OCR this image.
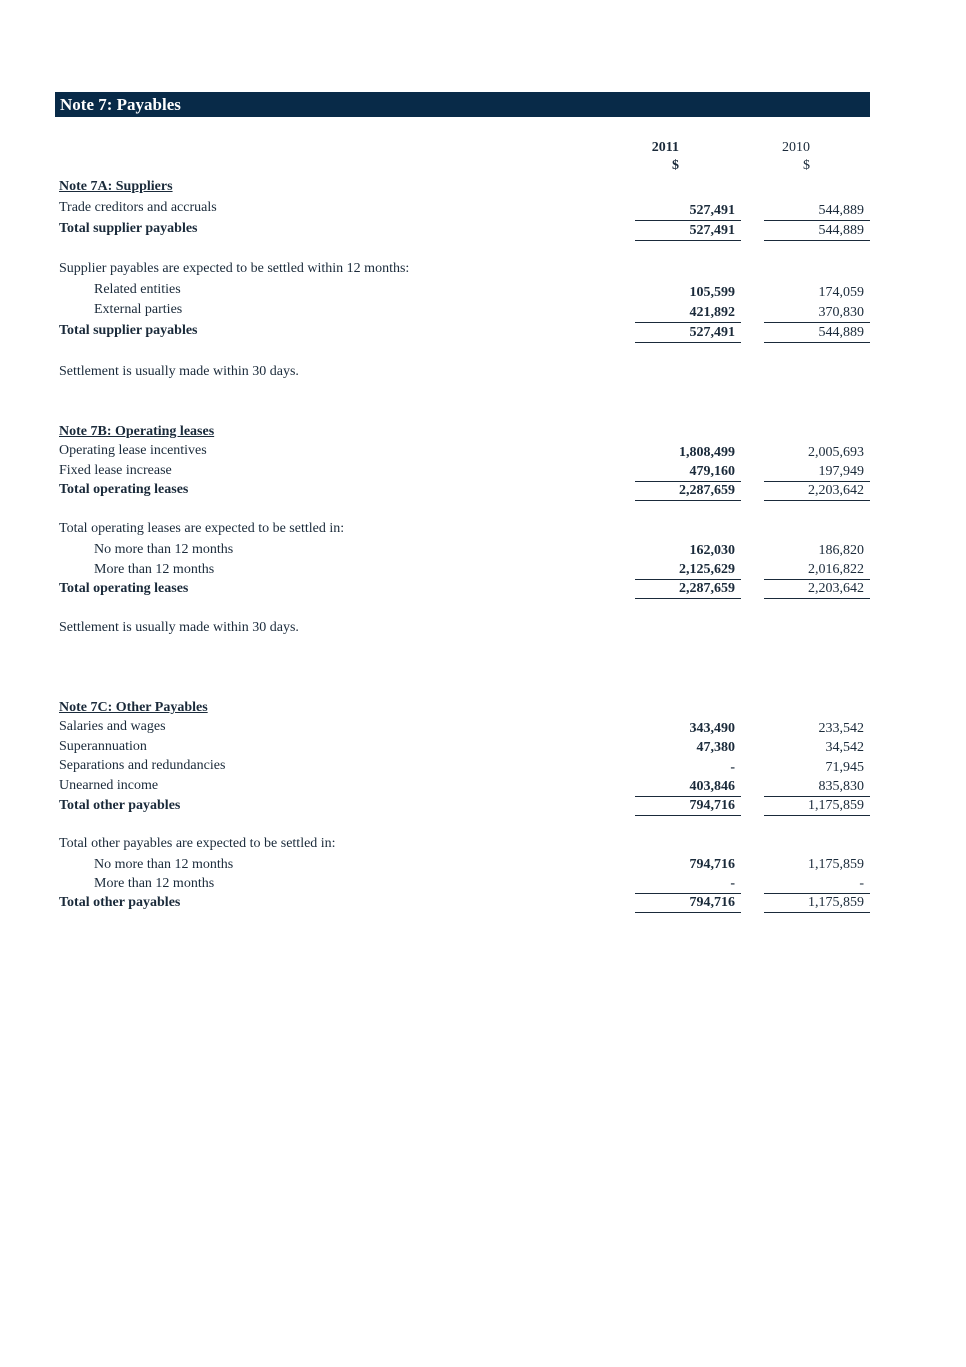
Note 7: Payables
2011
$
2010
$
Note 7A: Suppliers
Trade creditors and accruals	527,491	544,889
Total supplier payables	527,491	544,889
Supplier payables are expected to be settled within 12 months:
Related entities	105,599	174,059
External parties	421,892	370,830
Total supplier payables	527,491	544,889
Settlement is usually made within 30 days.
Note 7B: Operating leases
Operating lease incentives	1,808,499	2,005,693
Fixed lease increase	479,160	197,949
Total operating leases	2,287,659	2,203,642
Total operating leases are expected to be settled in:
No more than 12 months	162,030	186,820
More than 12 months	2,125,629	2,016,822
Total operating leases	2,287,659	2,203,642
Settlement is usually made within 30 days.
Note 7C: Other Payables
Salaries and wages	343,490	233,542
Superannuation	47,380	34,542
Separations and redundancies	-	71,945
Unearned income	403,846	835,830
Total other payables	794,716	1,175,859
Total other payables are expected to be settled in:
No more than 12 months	794,716	1,175,859
More than 12 months	-	-
Total other payables	794,716	1,175,859
